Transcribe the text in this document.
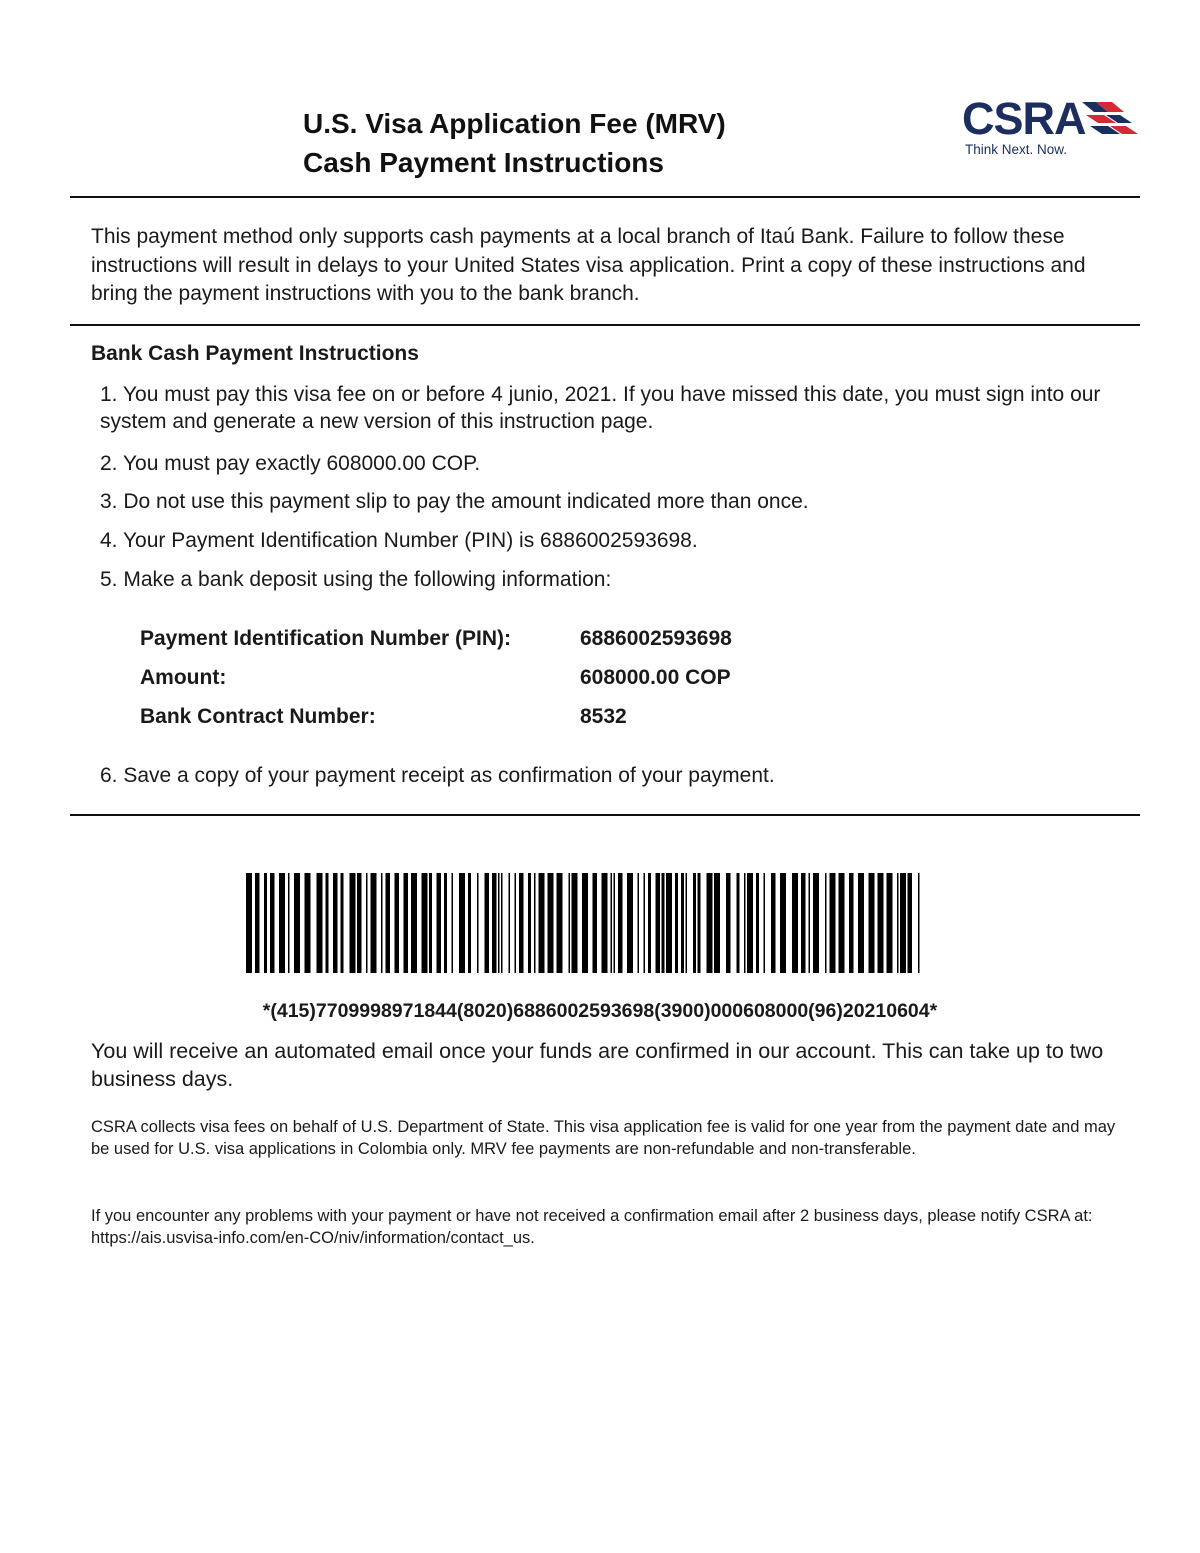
U.S. Visa Application Fee (MRV)
Cash Payment Instructions
CSRA
Think Next. Now.
This payment method only supports cash payments at a local branch of Itaú Bank. Failure to follow these instructions will result in delays to your United States visa application. Print a copy of these instructions and bring the payment instructions with you to the bank branch.
Bank Cash Payment Instructions
1. You must pay this visa fee on or before 4 junio, 2021. If you have missed this date, you must sign into our system and generate a new version of this instruction page.
2. You must pay exactly 608000.00 COP.
3. Do not use this payment slip to pay the amount indicated more than once.
4. Your Payment Identification Number (PIN) is 6886002593698.
5. Make a bank deposit using the following information:
Payment Identification Number (PIN):	6886002593698
Amount:	608000.00 COP
Bank Contract Number:	8532
6. Save a copy of your payment receipt as confirmation of your payment.
*(415)7709998971844(8020)6886002593698(3900)000608000(96)20210604*
You will receive an automated email once your funds are confirmed in our account. This can take up to two business days.
CSRA collects visa fees on behalf of U.S. Department of State. This visa application fee is valid for one year from the payment date and may be used for U.S. visa applications in Colombia only. MRV fee payments are non-refundable and non-transferable.
If you encounter any problems with your payment or have not received a confirmation email after 2 business days, please notify CSRA at: https://ais.usvisa-info.com/en-CO/niv/information/contact_us.
